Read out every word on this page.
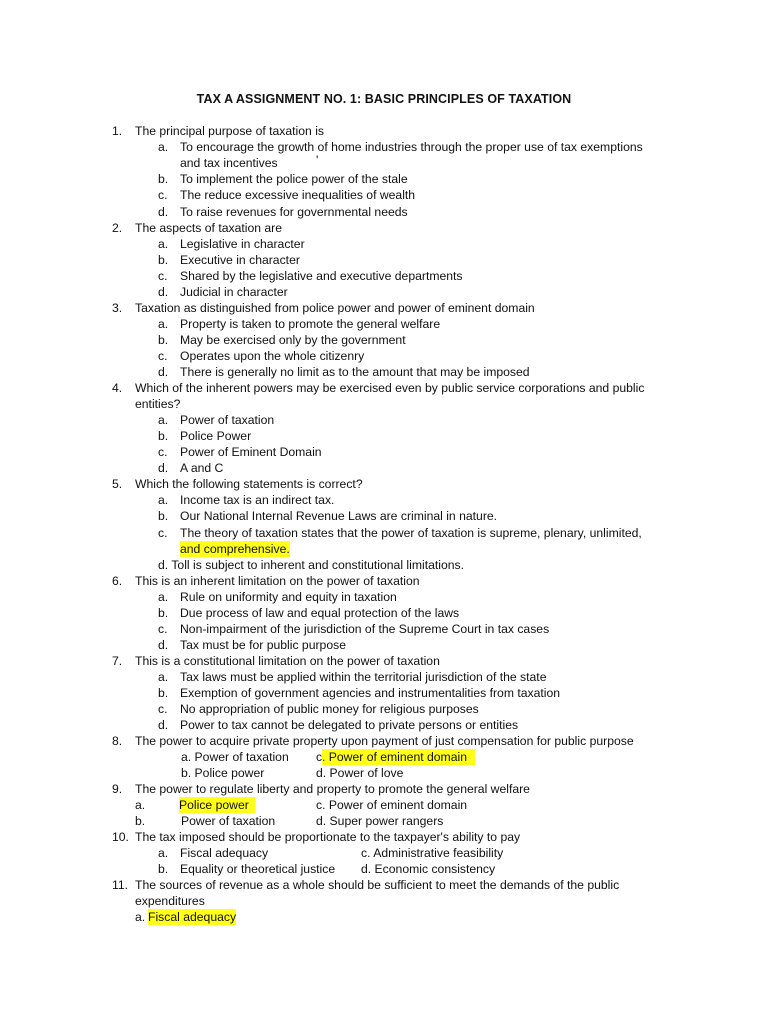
TAX A ASSIGNMENT NO. 1: BASIC PRINCIPLES OF TAXATION
1. The principal purpose of taxation is
a. To encourage the growth of home industries through the proper use of tax exemptions
and tax incentives	'
b. To implement the police power of the stale
c. The reduce excessive inequalities of wealth
d. To raise revenues for governmental needs
2. The aspects of taxation are
a. Legislative in character
b. Executive in character
c. Shared by the legislative and executive departments
d. Judicial in character
3. Taxation as distinguished from police power and power of eminent domain
a. Property is taken to promote the general welfare
b. May be exercised only by the government
c. Operates upon the whole citizenry
d. There is generally no limit as to the amount that may be imposed
4. Which of the inherent powers may be exercised even by public service corporations and public
entities?
a. Power of taxation
b. Police Power
c. Power of Eminent Domain
d. A and C
5. Which the following statements is correct?
a. Income tax is an indirect tax.
b. Our National Internal Revenue Laws are criminal in nature.
c. The theory of taxation states that the power of taxation is supreme, plenary, unlimited,
and comprehensive.
d. Toll is subject to inherent and constitutional limitations.
6. This is an inherent limitation on the power of taxation
a. Rule on uniformity and equity in taxation
b. Due process of law and equal protection of the laws
c. Non-impairment of the jurisdiction of the Supreme Court in tax cases
d. Tax must be for public purpose
7. This is a constitutional limitation on the power of taxation
a. Tax laws must be applied within the territorial jurisdiction of the state
b. Exemption of government agencies and instrumentalities from taxation
c. No appropriation of public money for religious purposes
d. Power to tax cannot be delegated to private persons or entities
8. The power to acquire private property upon payment of just compensation for public purpose
a. Power of taxation c . Power of eminent domain
b. Police power	d. Power of love
9. The power to regulate liberty and property to promote the general welfare
a.	Police power	c. Power of eminent domain
b.	Power of taxation	d. Super power rangers
10. The tax imposed should be proportionate to the taxpayer's ability to pay
a. Fiscal adequacy	c. Administrative feasibility
b. Equality or theoretical justice d. Economic consistency
11. The sources of revenue as a whole should be sufficient to meet the demands of the public
expenditures
a. Fiscal adequacy
